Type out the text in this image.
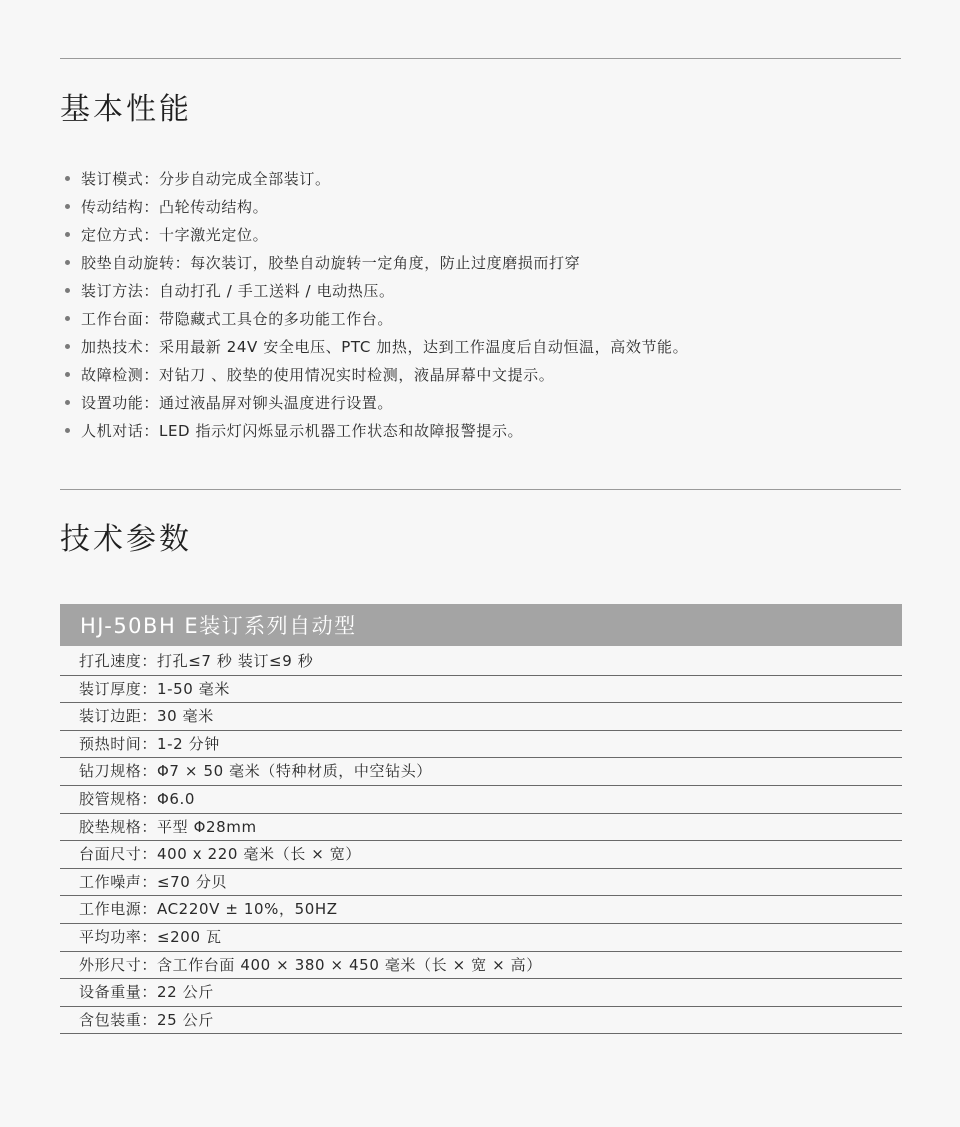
基本性能
装订模式：分步自动完成全部装订。
传动结构：凸轮传动结构。
定位方式：十字激光定位。
胶垫自动旋转：每次装订，胶垫自动旋转一定角度，防止过度磨损而打穿
装订方法：自动打孔 / 手工送料 / 电动热压。
工作台面：带隐藏式工具仓的多功能工作台。
加热技术：采用最新 24V 安全电压、PTC 加热，达到工作温度后自动恒温，高效节能。
故障检测：对钻刀 、胶垫的使用情况实时检测，液晶屏幕中文提示。
设置功能：通过液晶屏对铆头温度进行设置。
人机对话：LED 指示灯闪烁显示机器工作状态和故障报警提示。
技术参数
HJ-50BH E装订系列自动型
打孔速度：打孔≤7 秒 装订≤9 秒
装订厚度：1-50 毫米
装订边距：30 毫米
预热时间：1-2 分钟
钻刀规格：Φ7 × 50 毫米（特种材质，中空钻头）
胶管规格：Φ6.0
胶垫规格：平型 Φ28mm
台面尺寸：400 x 220 毫米（长 × 宽）
工作噪声：≤70 分贝
工作电源：AC220V ± 10%，50HZ
平均功率：≤200 瓦
外形尺寸：含工作台面 400 × 380 × 450 毫米（长 × 宽 × 高）
设备重量：22 公斤
含包装重：25 公斤
